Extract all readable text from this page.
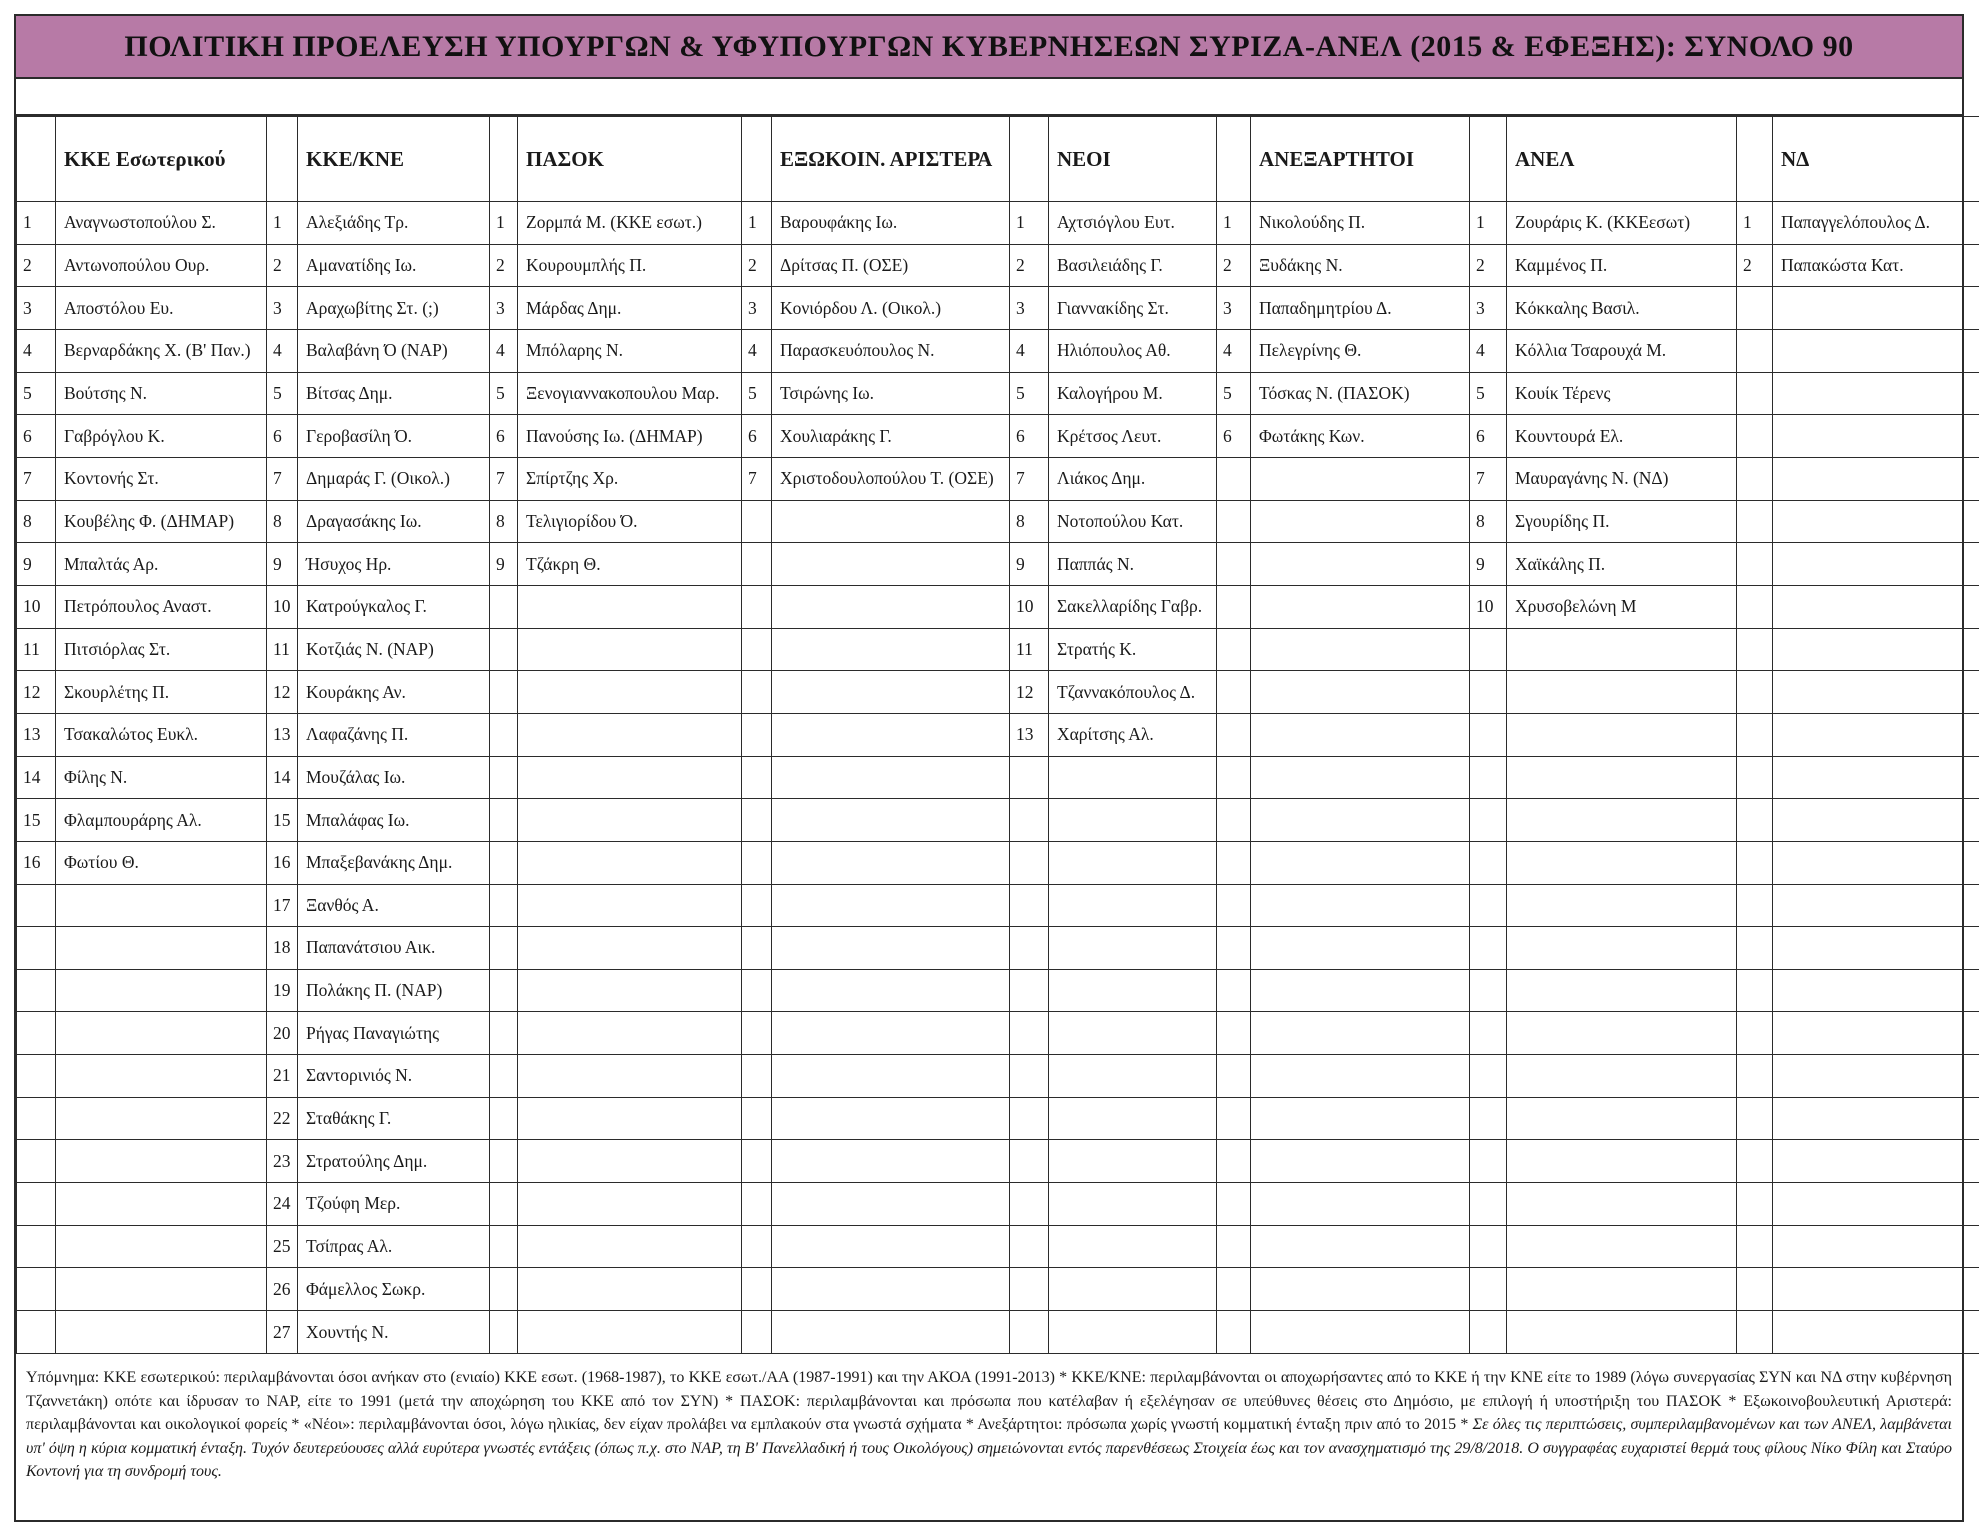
ΠΟΛΙΤΙΚΗ ΠΡΟΕΛΕΥΣΗ ΥΠΟΥΡΓΩΝ & ΥΦΥΠΟΥΡΓΩΝ ΚΥΒΕΡΝΗΣΕΩΝ ΣΥΡΙΖΑ-ΑΝΕΛ (2015 & ΕΦΕΞΗΣ): ΣΥΝΟΛΟ 90
	ΚΚΕ Εσωτερικού		ΚΚΕ/ΚΝΕ		ΠΑΣΟΚ		ΕΞΩΚΟΙΝ. ΑΡΙΣΤΕΡΑ		ΝΕΟΙ		ΑΝΕΞΑΡΤΗΤΟΙ		ΑΝΕΛ		ΝΔ
1	Αναγνωστοπούλου Σ.	1	Αλεξιάδης Τρ.	1	Ζορμπά Μ. (ΚΚΕ εσωτ.)	1	Βαρουφάκης Ιω.	1	Αχτσιόγλου Ευτ.	1	Νικολούδης Π.	1	Ζουράρις Κ. (ΚΚΕεσωτ)	1	Παπαγγελόπουλος Δ.
2	Αντωνοπούλου Ουρ.	2	Αμανατίδης Ιω.	2	Κουρουμπλής Π.	2	Δρίτσας Π. (ΟΣΕ)	2	Βασιλειάδης Γ.	2	Ξυδάκης Ν.	2	Καμμένος Π.	2	Παπακώστα Κατ.
3	Αποστόλου Ευ.	3	Αραχωβίτης Στ. (;)	3	Μάρδας Δημ.	3	Κονιόρδου Λ. (Οικολ.)	3	Γιαννακίδης Στ.	3	Παπαδημητρίου Δ.	3	Κόκκαλης Βασιλ.		
4	Βερναρδάκης Χ. (Β' Παν.)	4	Βαλαβάνη Ό (ΝΑΡ)	4	Μπόλαρης Ν.	4	Παρασκευόπουλος Ν.	4	Ηλιόπουλος Αθ.	4	Πελεγρίνης Θ.	4	Κόλλια Τσαρουχά Μ.		
5	Βούτσης Ν.	5	Βίτσας Δημ.	5	Ξενογιαννακοπουλου Μαρ.	5	Τσιρώνης Ιω.	5	Καλογήρου Μ.	5	Τόσκας Ν. (ΠΑΣΟΚ)	5	Κουίκ Τέρενς		
6	Γαβρόγλου Κ.	6	Γεροβασίλη Ό.	6	Πανούσης Ιω. (ΔΗΜΑΡ)	6	Χουλιαράκης Γ.	6	Κρέτσος Λευτ.	6	Φωτάκης Κων.	6	Κουντουρά Ελ.		
7	Κοντονής Στ.	7	Δημαράς Γ. (Οικολ.)	7	Σπίρτζης Χρ.	7	Χριστοδουλοπούλου Τ. (ΟΣΕ)	7	Λιάκος Δημ.			7	Μαυραγάνης Ν. (ΝΔ)		
8	Κουβέλης Φ. (ΔΗΜΑΡ)	8	Δραγασάκης Ιω.	8	Τελιγιορίδου Ό.			8	Νοτοπούλου Κατ.			8	Σγουρίδης Π.		
9	Μπαλτάς Αρ.	9	Ήσυχος Ηρ.	9	Τζάκρη Θ.			9	Παππάς Ν.			9	Χαϊκάλης Π.		
10	Πετρόπουλος Αναστ.	10	Κατρούγκαλος Γ.					10	Σακελλαρίδης Γαβρ.			10	Χρυσοβελώνη Μ		
11	Πιτσιόρλας Στ.	11	Κοτζιάς Ν. (ΝΑΡ)					11	Στρατής Κ.						
12	Σκουρλέτης Π.	12	Κουράκης Αν.					12	Τζαννακόπουλος Δ.						
13	Τσακαλώτος Ευκλ.	13	Λαφαζάνης Π.					13	Χαρίτσης Αλ.						
14	Φίλης Ν.	14	Μουζάλας Ιω.												
15	Φλαμπουράρης Αλ.	15	Μπαλάφας Ιω.												
16	Φωτίου Θ.	16	Μπαξεβανάκης Δημ.												
		17	Ξανθός Α.												
		18	Παπανάτσιου Αικ.												
		19	Πολάκης Π. (ΝΑΡ)												
		20	Ρήγας Παναγιώτης												
		21	Σαντορινιός Ν.												
		22	Σταθάκης Γ.												
		23	Στρατούλης Δημ.												
		24	Τζούφη Μερ.												
		25	Τσίπρας Αλ.												
		26	Φάμελλος Σωκρ.												
		27	Χουντής Ν.												
Υπόμνημα: ΚΚΕ εσωτερικού: περιλαμβάνονται όσοι ανήκαν στο (ενιαίο) ΚΚΕ εσωτ. (1968-1987), το ΚΚΕ εσωτ./ΑΑ (1987-1991) και την ΑΚΟΑ (1991-2013) * ΚΚΕ/ΚΝΕ: περιλαμβάνονται οι αποχωρήσαντες από το ΚΚΕ ή την ΚΝΕ είτε το 1989 (λόγω συνεργασίας ΣΥΝ και ΝΔ στην κυβέρνηση Τζαννετάκη) οπότε και ίδρυσαν το ΝΑΡ, είτε το 1991 (μετά την αποχώρηση του ΚΚΕ από τον ΣΥΝ) * ΠΑΣΟΚ: περιλαμβάνονται και πρόσωπα που κατέλαβαν ή εξελέγησαν σε υπεύθυνες θέσεις στο Δημόσιο, με επιλογή ή υποστήριξη του ΠΑΣΟΚ * Εξωκοινοβουλευτική Αριστερά: περιλαμβάνονται και οικολογικοί φορείς * «Νέοι»: περιλαμβάνονται όσοι, λόγω ηλικίας, δεν είχαν προλάβει να εμπλακούν στα γνωστά σχήματα * Ανεξάρτητοι: πρόσωπα χωρίς γνωστή κομματική ένταξη πριν από το 2015 * Σε όλες τις περιπτώσεις, συμπεριλαμβανομένων και των ΑΝΕΛ, λαμβάνεται υπ' όψη η κύρια κομματική ένταξη. Τυχόν δευτερεύουσες αλλά ευρύτερα γνωστές εντάξεις (όπως π.χ. στο ΝΑΡ, τη Β' Πανελλαδική ή τους Οικολόγους) σημειώνονται εντός παρενθέσεως Στοιχεία έως και τον ανασχηματισμό της 29/8/2018. Ο συγγραφέας ευχαριστεί θερμά τους φίλους Νίκο Φίλη και Σταύρο Κοντονή για τη συνδρομή τους.
